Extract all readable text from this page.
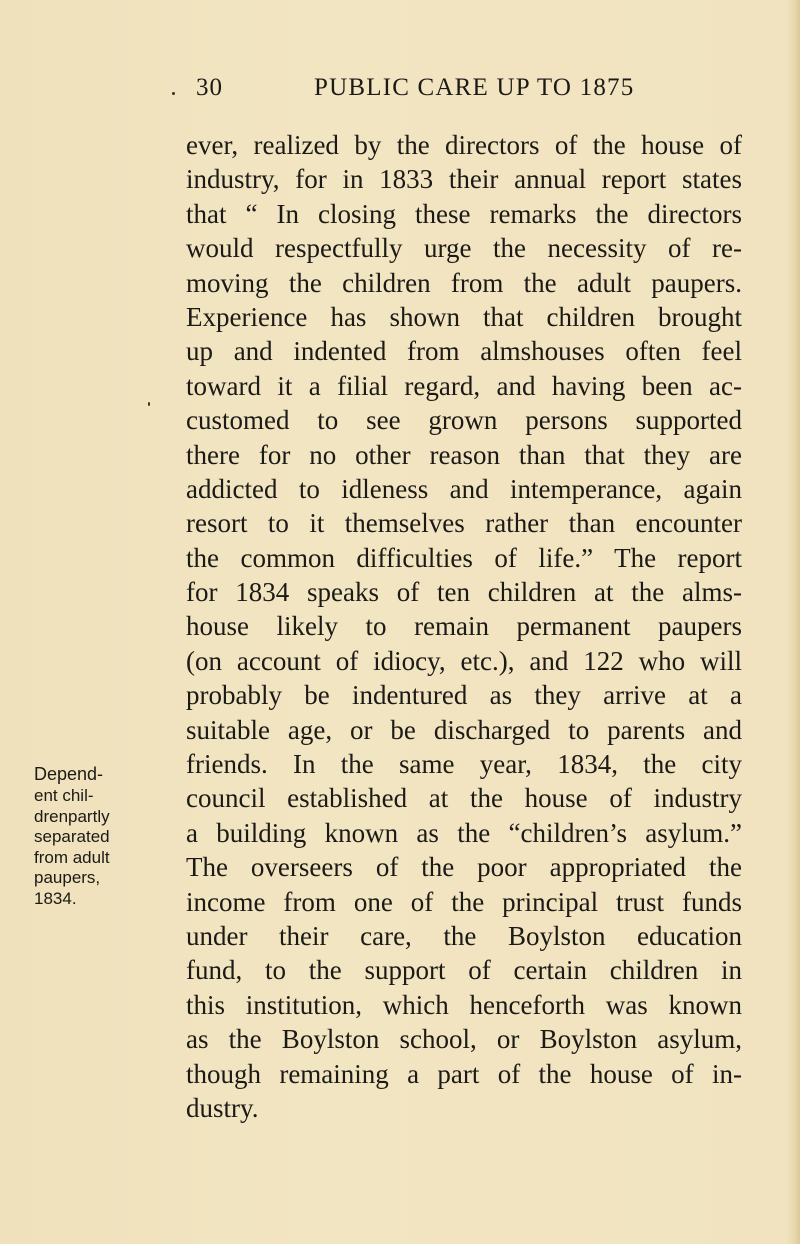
30	PUBLIC CARE UP TO 1875
ever, realized by the directors of the house of
industry, for in 1833 their annual report states
that “ In closing these remarks the directors
would respectfully urge the necessity of re-
moving the children from the adult paupers.
Experience has shown that children brought
up and indented from almshouses often feel
toward it a filial regard, and having been ac-
customed to see grown persons supported
there for no other reason than that they are
addicted to idleness and intemperance, again
resort to it themselves rather than encounter
the common difficulties of life.” The report
for 1834 speaks of ten children at the alms-
house likely to remain permanent paupers
(on account of idiocy, etc.), and 122 who will
probably be indentured as they arrive at a
suitable age, or be discharged to parents and
friends. In the same year, 1834, the city
council established at the house of industry
a building known as the “children’s asylum.”
The overseers of the poor appropriated the
income from one of the principal trust funds
under their care, the Boylston education
fund, to the support of certain children in
this institution, which henceforth was known
as the Boylston school, or Boylston asylum,
though remaining a part of the house of in-
dustry.
Depend-
ent chil-
drenpartly
separated
from adult
paupers,
1834.
